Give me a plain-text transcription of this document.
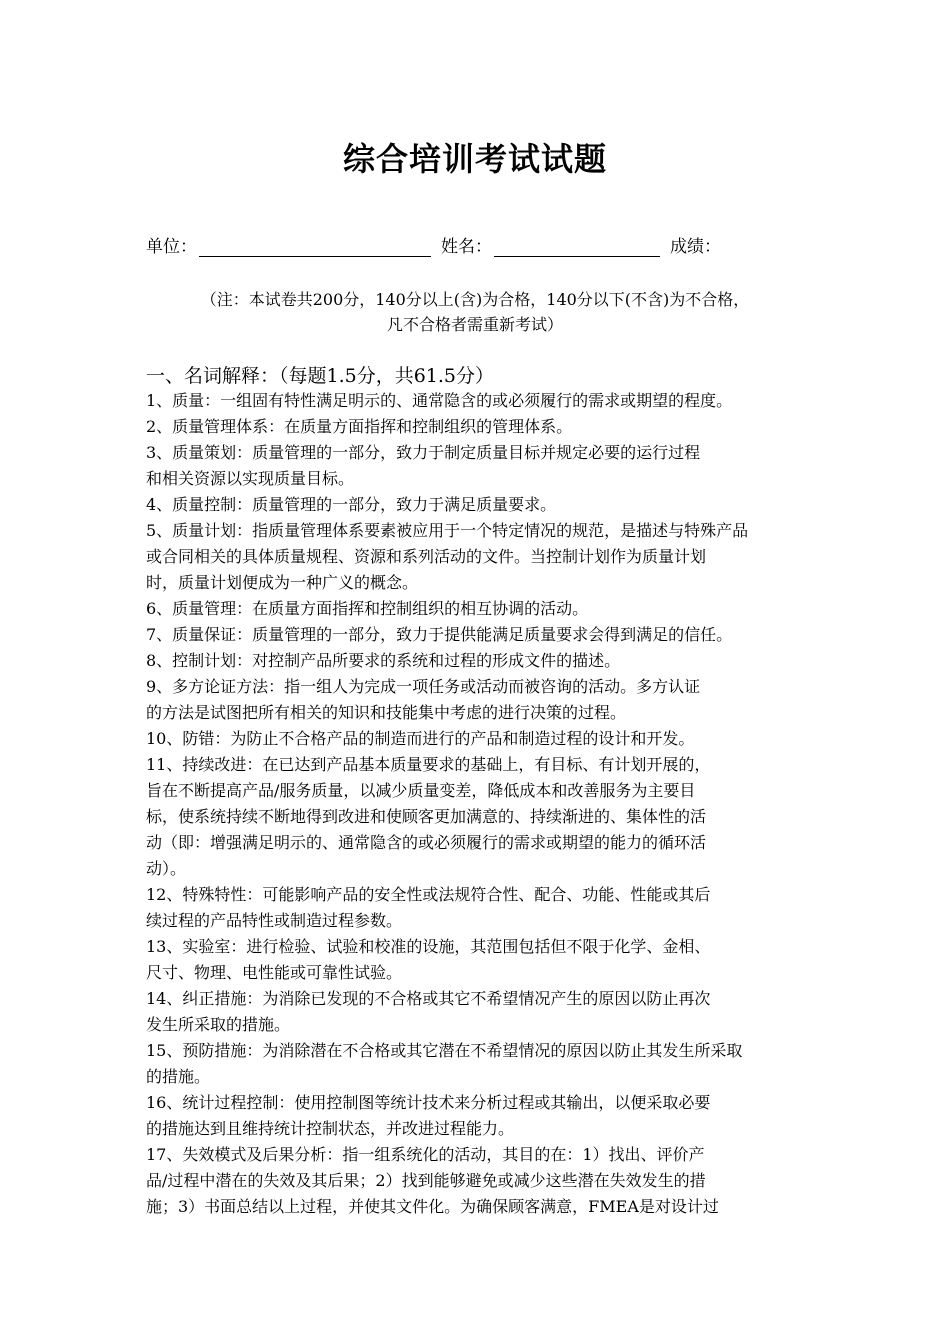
综合培训考试试题
单位：	姓名：	成绩：
（注：本试卷共200分，140分以上(含)为合格，140分以下(不含)为不合格，
凡不合格者需重新考试）
一、名词解释：（每题1.5分，共61.5分）
1、质量：一组固有特性满足明示的、通常隐含的或必须履行的需求或期望的程度。
2、质量管理体系：在质量方面指挥和控制组织的管理体系。
3、质量策划：质量管理的一部分，致力于制定质量目标并规定必要的运行过程
和相关资源以实现质量目标。
4、质量控制：质量管理的一部分，致力于满足质量要求。
5、质量计划：指质量管理体系要素被应用于一个特定情况的规范，是描述与特殊产品
或合同相关的具体质量规程、资源和系列活动的文件。当控制计划作为质量计划
时，质量计划便成为一种广义的概念。
6、质量管理：在质量方面指挥和控制组织的相互协调的活动。
7、质量保证：质量管理的一部分，致力于提供能满足质量要求会得到满足的信任。
8、控制计划：对控制产品所要求的系统和过程的形成文件的描述。
9、多方论证方法：指一组人为完成一项任务或活动而被咨询的活动。多方认证
的方法是试图把所有相关的知识和技能集中考虑的进行决策的过程。
10、防错：为防止不合格产品的制造而进行的产品和制造过程的设计和开发。
11、持续改进：在已达到产品基本质量要求的基础上，有目标、有计划开展的，
旨在不断提高产品/服务质量，以减少质量变差，降低成本和改善服务为主要目
标，使系统持续不断地得到改进和使顾客更加满意的、持续渐进的、集体性的活
动（即：增强满足明示的、通常隐含的或必须履行的需求或期望的能力的循环活
动）。
12、特殊特性：可能影响产品的安全性或法规符合性、配合、功能、性能或其后
续过程的产品特性或制造过程参数。
13、实验室：进行检验、试验和校准的设施，其范围包括但不限于化学、金相、
尺寸、物理、电性能或可靠性试验。
14、纠正措施：为消除已发现的不合格或其它不希望情况产生的原因以防止再次
发生所采取的措施。
15、预防措施：为消除潜在不合格或其它潜在不希望情况的原因以防止其发生所采取
的措施。
16、统计过程控制：使用控制图等统计技术来分析过程或其输出，以便采取必要
的措施达到且维持统计控制状态，并改进过程能力。
17、失效模式及后果分析：指一组系统化的活动，其目的在：1）找出、评价产
品/过程中潜在的失效及其后果；2）找到能够避免或减少这些潜在失效发生的措
施；3）书面总结以上过程，并使其文件化。为确保顾客满意，FMEA是对设计过
